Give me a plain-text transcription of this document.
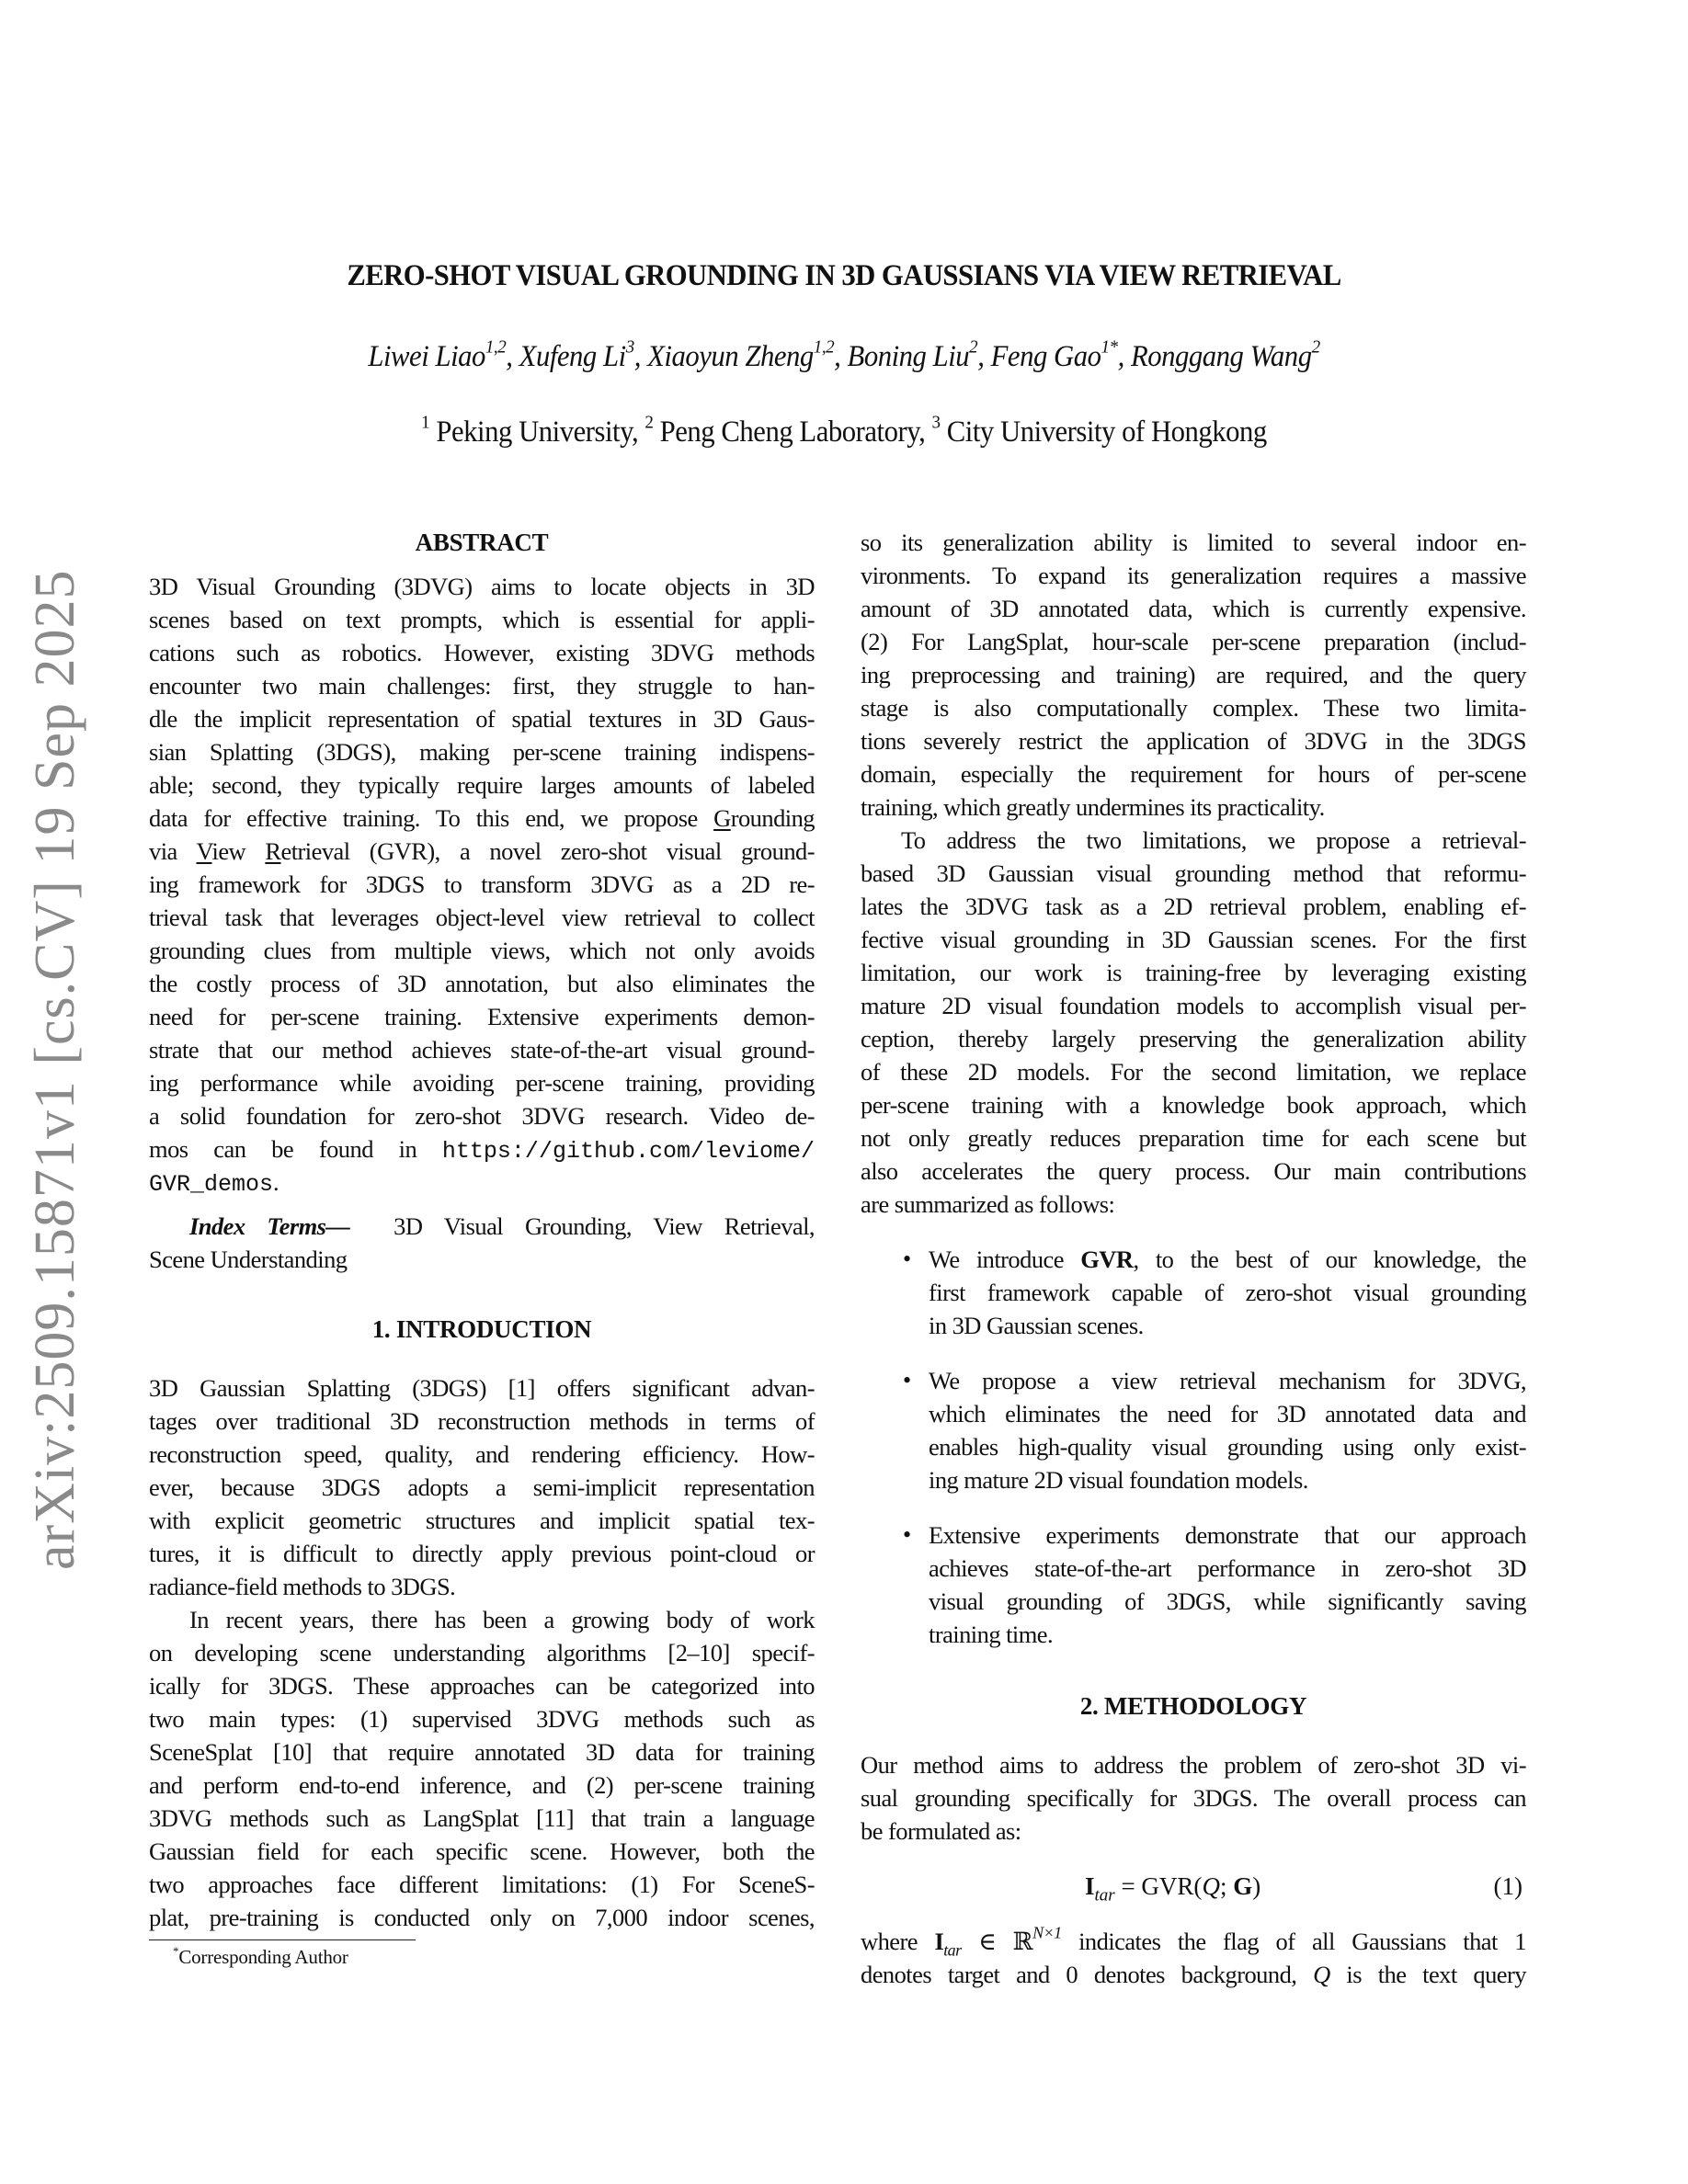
ZERO-SHOT VISUAL GROUNDING IN 3D GAUSSIANS VIA VIEW RETRIEVAL
Liwei Liao$^{1,2}$, Xufeng Li$^3$, Xiaoyun Zheng$^{1,2}$, Boning Liu$^2$, Feng Gao$^{1*}$, Ronggang Wang$^2$
$^1$ Peking University, $^2$ Peng Cheng Laboratory, $^3$ City University of Hongkong
arXiv:2509.15871v1 [cs.CV] 19 Sep 2025
ABSTRACT
3D Visual Grounding (3DVG) aims to locate objects in 3D
scenes based on text prompts, which is essential for appli-
cations such as robotics. However, existing 3DVG methods
encounter two main challenges: first, they struggle to han-
dle the implicit representation of spatial textures in 3D Gaus-
sian Splatting (3DGS), making per-scene training indispens-
able; second, they typically require larges amounts of labeled
data for effective training. To this end, we propose Grounding
via View Retrieval (GVR), a novel zero-shot visual ground-
ing framework for 3DGS to transform 3DVG as a 2D re-
trieval task that leverages object-level view retrieval to collect
grounding clues from multiple views, which not only avoids
the costly process of 3D annotation, but also eliminates the
need for per-scene training. Extensive experiments demon-
strate that our method achieves state-of-the-art visual ground-
ing performance while avoiding per-scene training, providing
a solid foundation for zero-shot 3DVG research. Video de-
mos can be found in https://github.com/leviome/
GVR_demos.
Index Terms— 3D Visual Grounding, View Retrieval,
Scene Understanding
1. INTRODUCTION
3D Gaussian Splatting (3DGS) [1] offers significant advan-
tages over traditional 3D reconstruction methods in terms of
reconstruction speed, quality, and rendering efficiency. How-
ever, because 3DGS adopts a semi-implicit representation
with explicit geometric structures and implicit spatial tex-
tures, it is difficult to directly apply previous point-cloud or
radiance-field methods to 3DGS.
In recent years, there has been a growing body of work
on developing scene understanding algorithms [2–10] specif-
ically for 3DGS. These approaches can be categorized into
two main types: (1) supervised 3DVG methods such as
SceneSplat [10] that require annotated 3D data for training
and perform end-to-end inference, and (2) per-scene training
3DVG methods such as LangSplat [11] that train a language
Gaussian field for each specific scene. However, both the
two approaches face different limitations: (1) For SceneS-
plat, pre-training is conducted only on 7,000 indoor scenes,
*Corresponding Author
so its generalization ability is limited to several indoor en-
vironments. To expand its generalization requires a massive
amount of 3D annotated data, which is currently expensive.
(2) For LangSplat, hour-scale per-scene preparation (includ-
ing preprocessing and training) are required, and the query
stage is also computationally complex. These two limita-
tions severely restrict the application of 3DVG in the 3DGS
domain, especially the requirement for hours of per-scene
training, which greatly undermines its practicality.
To address the two limitations, we propose a retrieval-
based 3D Gaussian visual grounding method that reformu-
lates the 3DVG task as a 2D retrieval problem, enabling ef-
fective visual grounding in 3D Gaussian scenes. For the first
limitation, our work is training-free by leveraging existing
mature 2D visual foundation models to accomplish visual per-
ception, thereby largely preserving the generalization ability
of these 2D models. For the second limitation, we replace
per-scene training with a knowledge book approach, which
not only greatly reduces preparation time for each scene but
also accelerates the query process. Our main contributions
are summarized as follows:
• We introduce GVR, to the best of our knowledge, the
first framework capable of zero-shot visual grounding
in 3D Gaussian scenes.
• We propose a view retrieval mechanism for 3DVG,
which eliminates the need for 3D annotated data and
enables high-quality visual grounding using only exist-
ing mature 2D visual foundation models.
• Extensive experiments demonstrate that our approach
achieves state-of-the-art performance in zero-shot 3D
visual grounding of 3DGS, while significantly saving
training time.
2. METHODOLOGY
Our method aims to address the problem of zero-shot 3D vi-
sual grounding specifically for 3DGS. The overall process can
be formulated as:
$I_{tar} = GVR(Q$; G)	(1)
where $I_{tar}$ ∈ ℝ$^{N\times 1}$ indicates the flag of all Gaussians that 1
denotes target and 0 denotes background, Q is the text query
